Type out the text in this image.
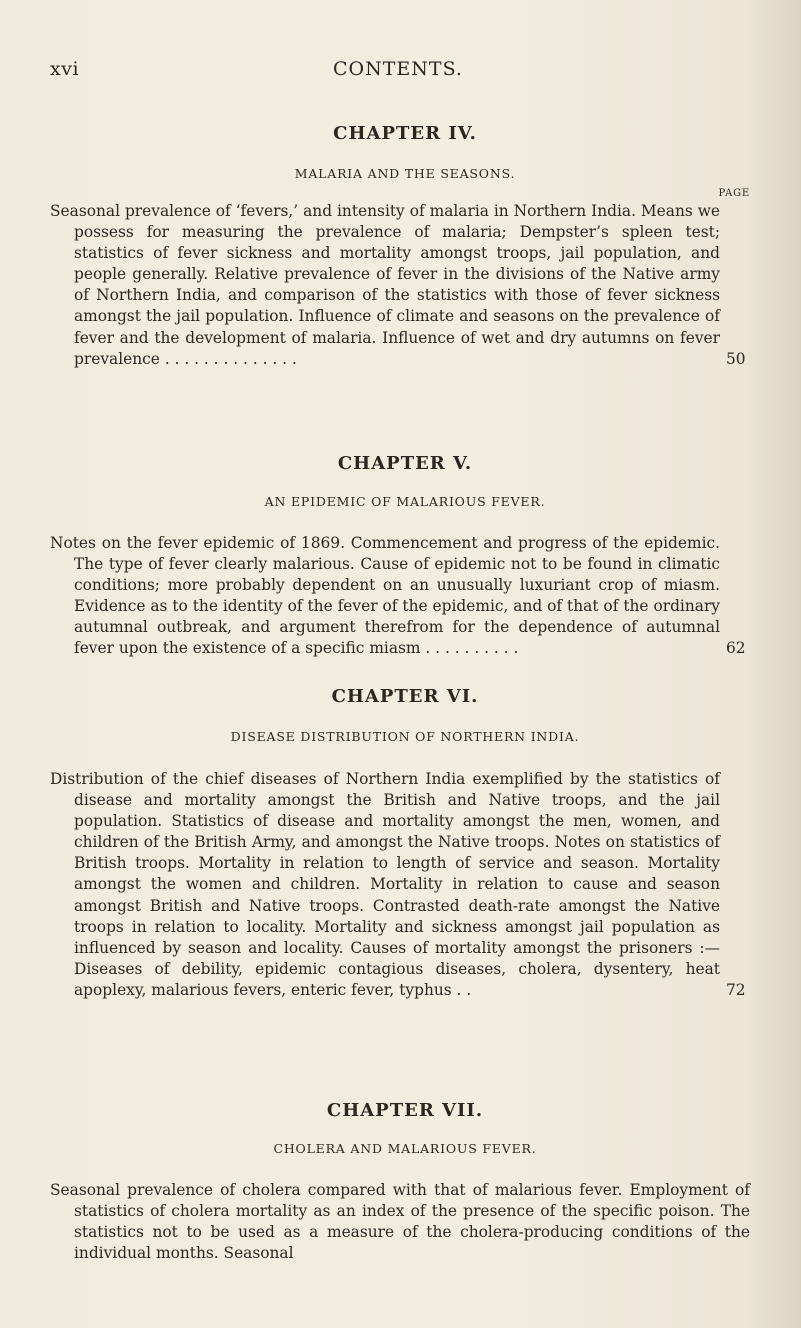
xvi	CONTENTS.
CHAPTER IV.
MALARIA AND THE SEASONS.
PAGE

Seasonal prevalence of ‘fevers,’ and intensity of malaria in Northern India. Means we possess for measuring the prevalence of malaria; Dempster’s spleen test; statistics of fever sickness and mortality amongst troops, jail population, and people generally. Relative prevalence of fever in the divisions of the Native army of Northern India, and comparison of the statistics with those of fever sickness amongst the jail population. Influence of climate and seasons on the prevalence of fever and the development of malaria. Influence of wet and dry autumns on fever prevalence . . . . . . . . . . . . . .	50

CHAPTER V.
AN EPIDEMIC OF MALARIOUS FEVER.

Notes on the fever epidemic of 1869. Commencement and progress of the epidemic. The type of fever clearly malarious. Cause of epidemic not to be found in climatic conditions; more probably dependent on an unusually luxuriant crop of miasm. Evidence as to the identity of the fever of the epidemic, and of that of the ordinary autumnal outbreak, and argument therefrom for the dependence of autumnal fever upon the existence of a specific miasm . . . . . . . . . .	62

CHAPTER VI.
DISEASE DISTRIBUTION OF NORTHERN INDIA.

Distribution of the chief diseases of Northern India exemplified by the statistics of disease and mortality amongst the British and Native troops, and the jail population. Statistics of disease and mortality amongst the men, women, and children of the British Army, and amongst the Native troops. Notes on statistics of British troops. Mortality in relation to length of service and season. Mortality amongst the women and children. Mortality in relation to cause and season amongst British and Native troops. Contrasted death-rate amongst the Native troops in relation to locality. Mortality and sickness amongst jail population as influenced by season and locality. Causes of mortality amongst the prisoners :—Diseases of debility, epidemic contagious diseases, cholera, dysentery, heat apoplexy, malarious fevers, enteric fever, typhus . .	72

CHAPTER VII.
CHOLERA AND MALARIOUS FEVER.

Seasonal prevalence of cholera compared with that of malarious fever. Employment of statistics of cholera mortality as an index of the presence of the specific poison. The statistics not to be used as a measure of the cholera-producing conditions of the individual months. Seasonal
